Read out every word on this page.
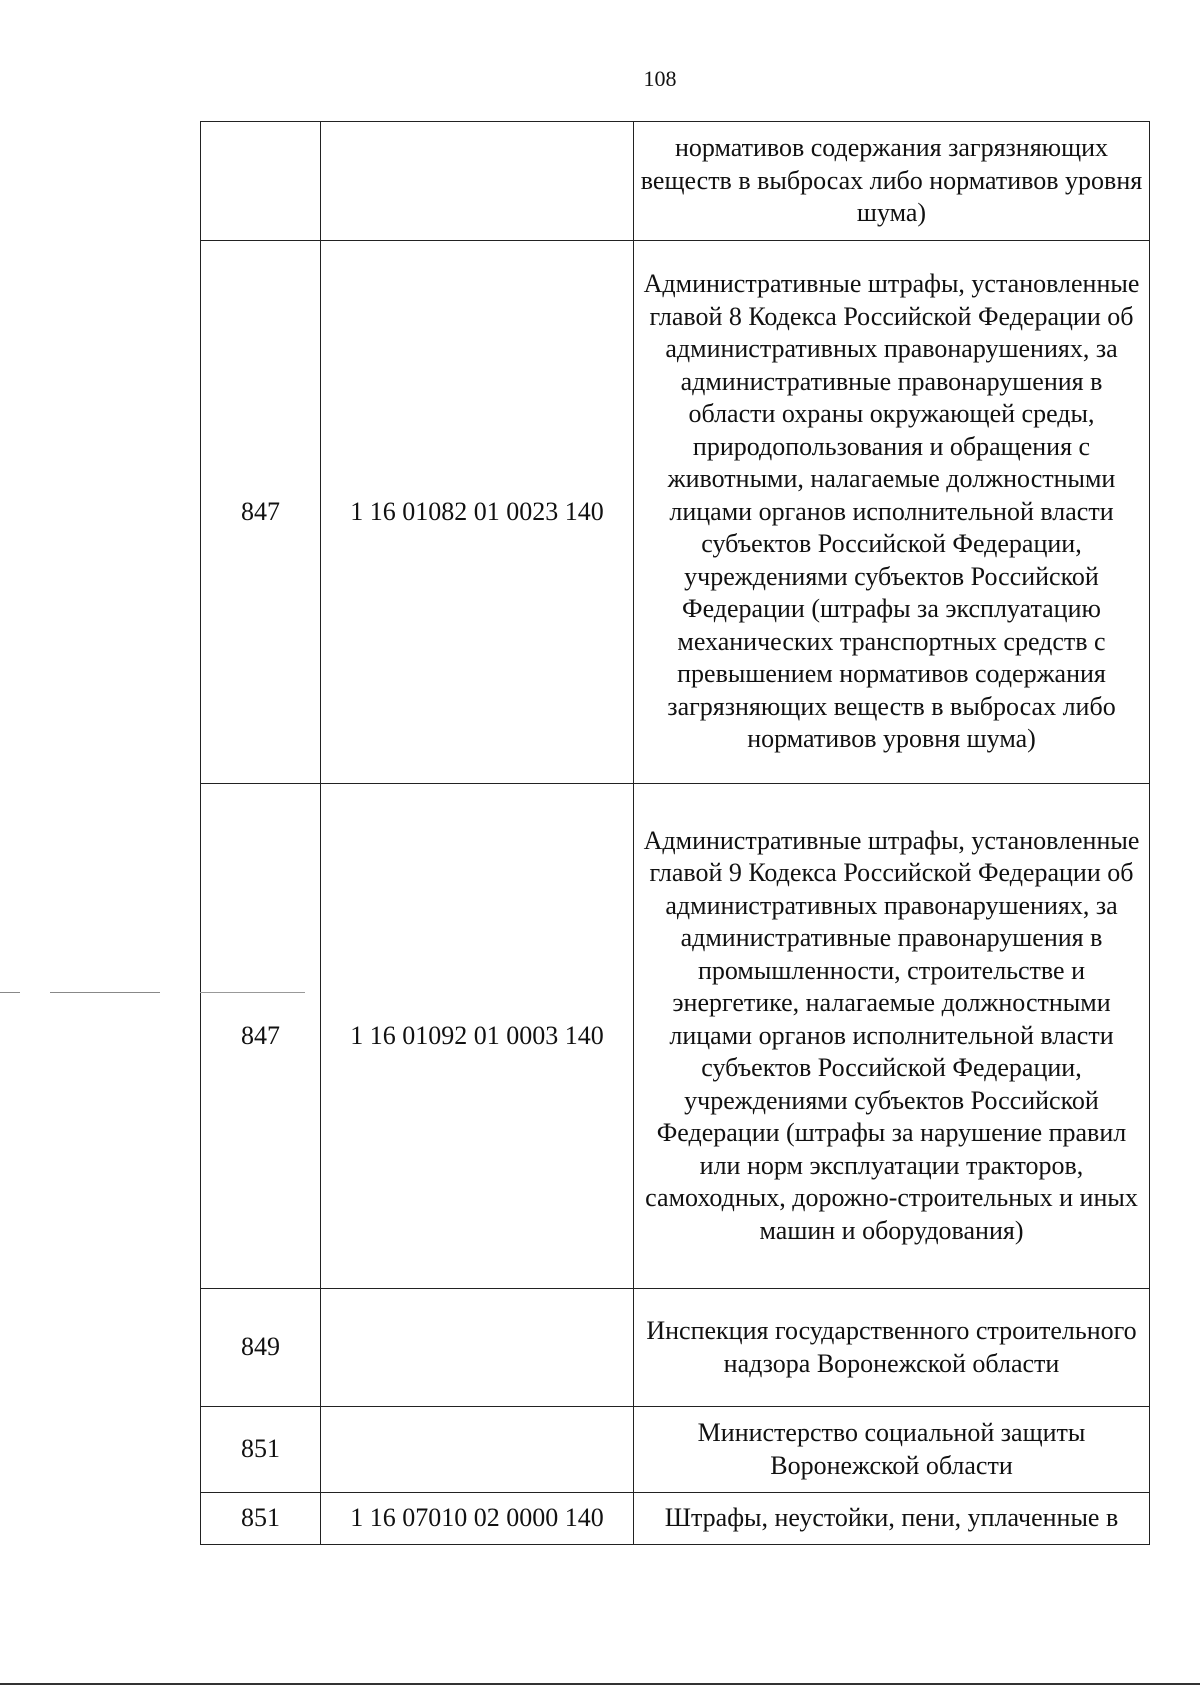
108
		нормативов содержания загрязняющих веществ в выбросах либо нормативов уровня шума)
847	1 16 01082 01 0023 140	Административные штрафы, установленные главой 8 Кодекса Российской Федерации об административных правонарушениях, за административные правонарушения в области охраны окружающей среды, природопользования и обращения с животными, налагаемые должностными лицами органов исполнительной власти субъектов Российской Федерации, учреждениями субъектов Российской Федерации (штрафы за эксплуатацию механических транспортных средств с превышением нормативов содержания загрязняющих веществ в выбросах либо нормативов уровня шума)
847	1 16 01092 01 0003 140	Административные штрафы, установленные главой 9 Кодекса Российской Федерации об административных правонарушениях, за административные правонарушения в промышленности, строительстве и энергетике, налагаемые должностными лицами органов исполнительной власти субъектов Российской Федерации, учреждениями субъектов Российской Федерации (штрафы за нарушение правил или норм эксплуатации тракторов, самоходных, дорожно-строительных и иных машин и оборудования)
849		Инспекция государственного строительного надзора Воронежской области
851		Министерство социальной защиты Воронежской области
851	1 16 07010 02 0000 140	Штрафы, неустойки, пени, уплаченные в
